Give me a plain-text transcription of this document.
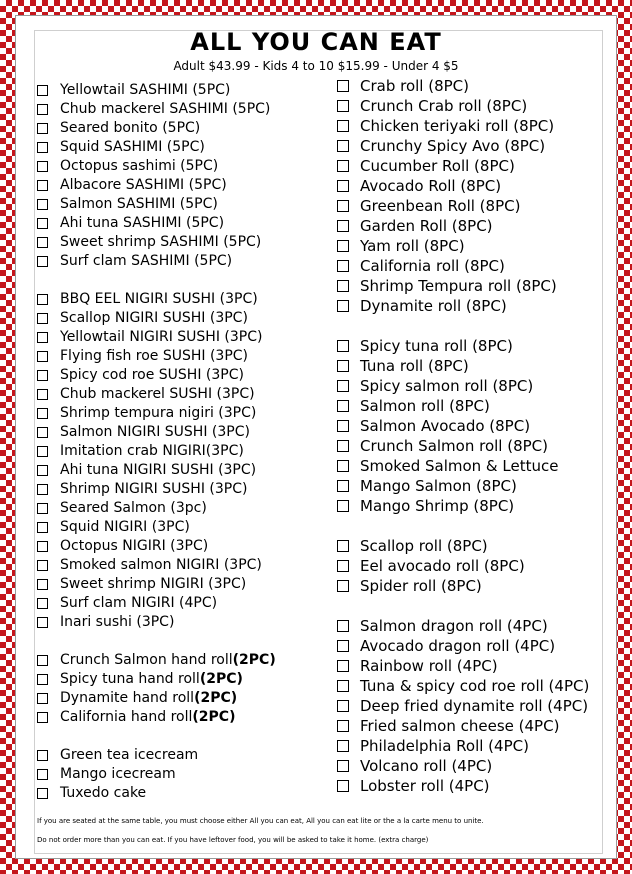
ALL YOU CAN EAT
Adult $43.99 - Kids 4 to 10 $15.99 - Under 4 $5
Yellowtail SASHIMI (5PC)
Chub mackerel SASHIMI (5PC)
Seared bonito (5PC)
Squid SASHIMI (5PC)
Octopus sashimi (5PC)
Albacore SASHIMI (5PC)
Salmon SASHIMI (5PC)
Ahi tuna SASHIMI (5PC)
Sweet shrimp SASHIMI (5PC)
Surf clam SASHIMI (5PC)
BBQ EEL NIGIRI SUSHI (3PC)
Scallop NIGIRI SUSHI (3PC)
Yellowtail NIGIRI SUSHI (3PC)
Flying fish roe SUSHI (3PC)
Spicy cod roe SUSHI (3PC)
Chub mackerel SUSHI (3PC)
Shrimp tempura nigiri (3PC)
Salmon NIGIRI SUSHI (3PC)
Imitation crab NIGIRI(3PC)
Ahi tuna NIGIRI SUSHI (3PC)
Shrimp NIGIRI SUSHI (3PC)
Seared Salmon (3pc)
Squid NIGIRI (3PC)
Octopus NIGIRI (3PC)
Smoked salmon NIGIRI (3PC)
Sweet shrimp NIGIRI (3PC)
Surf clam NIGIRI (4PC)
Inari sushi (3PC)
Crunch Salmon hand roll (2PC)
Spicy tuna hand roll (2PC)
Dynamite hand roll (2PC)
California hand roll (2PC)
Green tea icecream
Mango icecream
Tuxedo cake
Crab roll (8PC)
Crunch Crab roll (8PC)
Chicken teriyaki roll (8PC)
Crunchy Spicy Avo (8PC)
Cucumber Roll (8PC)
Avocado Roll (8PC)
Greenbean Roll (8PC)
Garden Roll (8PC)
Yam roll (8PC)
California roll (8PC)
Shrimp Tempura roll (8PC)
Dynamite roll (8PC)
Spicy tuna roll (8PC)
Tuna roll (8PC)
Spicy salmon roll (8PC)
Salmon roll (8PC)
Salmon Avocado (8PC)
Crunch Salmon roll (8PC)
Smoked Salmon & Lettuce
Mango Salmon (8PC)
Mango Shrimp (8PC)
Scallop roll (8PC)
Eel avocado roll (8PC)
Spider roll (8PC)
Salmon dragon roll (4PC)
Avocado dragon roll (4PC)
Rainbow roll (4PC)
Tuna & spicy cod roe roll (4PC)
Deep fried dynamite roll (4PC)
Fried salmon cheese (4PC)
Philadelphia Roll (4PC)
Volcano roll (4PC)
Lobster roll (4PC)
If you are seated at the same table, you must choose either All you can eat, All you can eat lite or the a la carte menu to unite.
Do not order more than you can eat. If you have leftover food, you will be asked to take it home. (extra charge)
